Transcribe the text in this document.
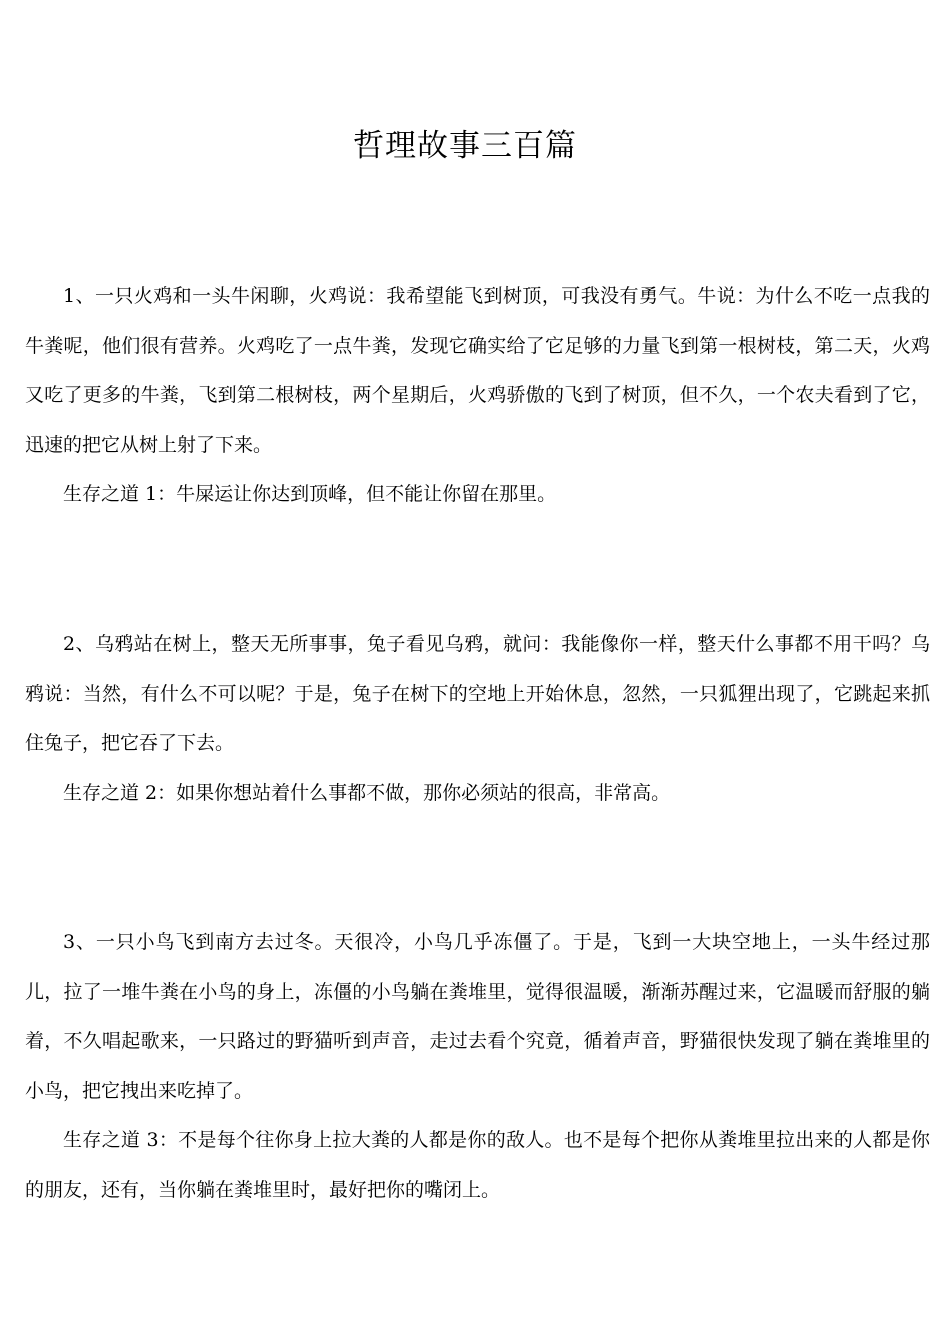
哲理故事三百篇

1、一只火鸡和一头牛闲聊，火鸡说：我希望能飞到树顶，可我没有勇气。牛说：为什么不吃一点我的牛粪呢，他们很有营养。火鸡吃了一点牛粪，发现它确实给了它足够的力量飞到第一根树枝，第二天，火鸡又吃了更多的牛粪，飞到第二根树枝，两个星期后，火鸡骄傲的飞到了树顶，但不久，一个农夫看到了它，迅速的把它从树上射了下来。

生存之道 1：牛屎运让你达到顶峰，但不能让你留在那里。

2、乌鸦站在树上，整天无所事事，兔子看见乌鸦，就问：我能像你一样，整天什么事都不用干吗？乌鸦说：当然，有什么不可以呢？于是，兔子在树下的空地上开始休息，忽然，一只狐狸出现了，它跳起来抓住兔子，把它吞了下去。

生存之道 2：如果你想站着什么事都不做，那你必须站的很高，非常高。

3、一只小鸟飞到南方去过冬。天很冷，小鸟几乎冻僵了。于是，飞到一大块空地上，一头牛经过那儿，拉了一堆牛粪在小鸟的身上，冻僵的小鸟躺在粪堆里，觉得很温暖，渐渐苏醒过来，它温暖而舒服的躺着，不久唱起歌来，一只路过的野猫听到声音，走过去看个究竟，循着声音，野猫很快发现了躺在粪堆里的小鸟，把它拽出来吃掉了。

生存之道 3：不是每个往你身上拉大粪的人都是你的敌人。也不是每个把你从粪堆里拉出来的人都是你的朋友，还有，当你躺在粪堆里时，最好把你的嘴闭上。
